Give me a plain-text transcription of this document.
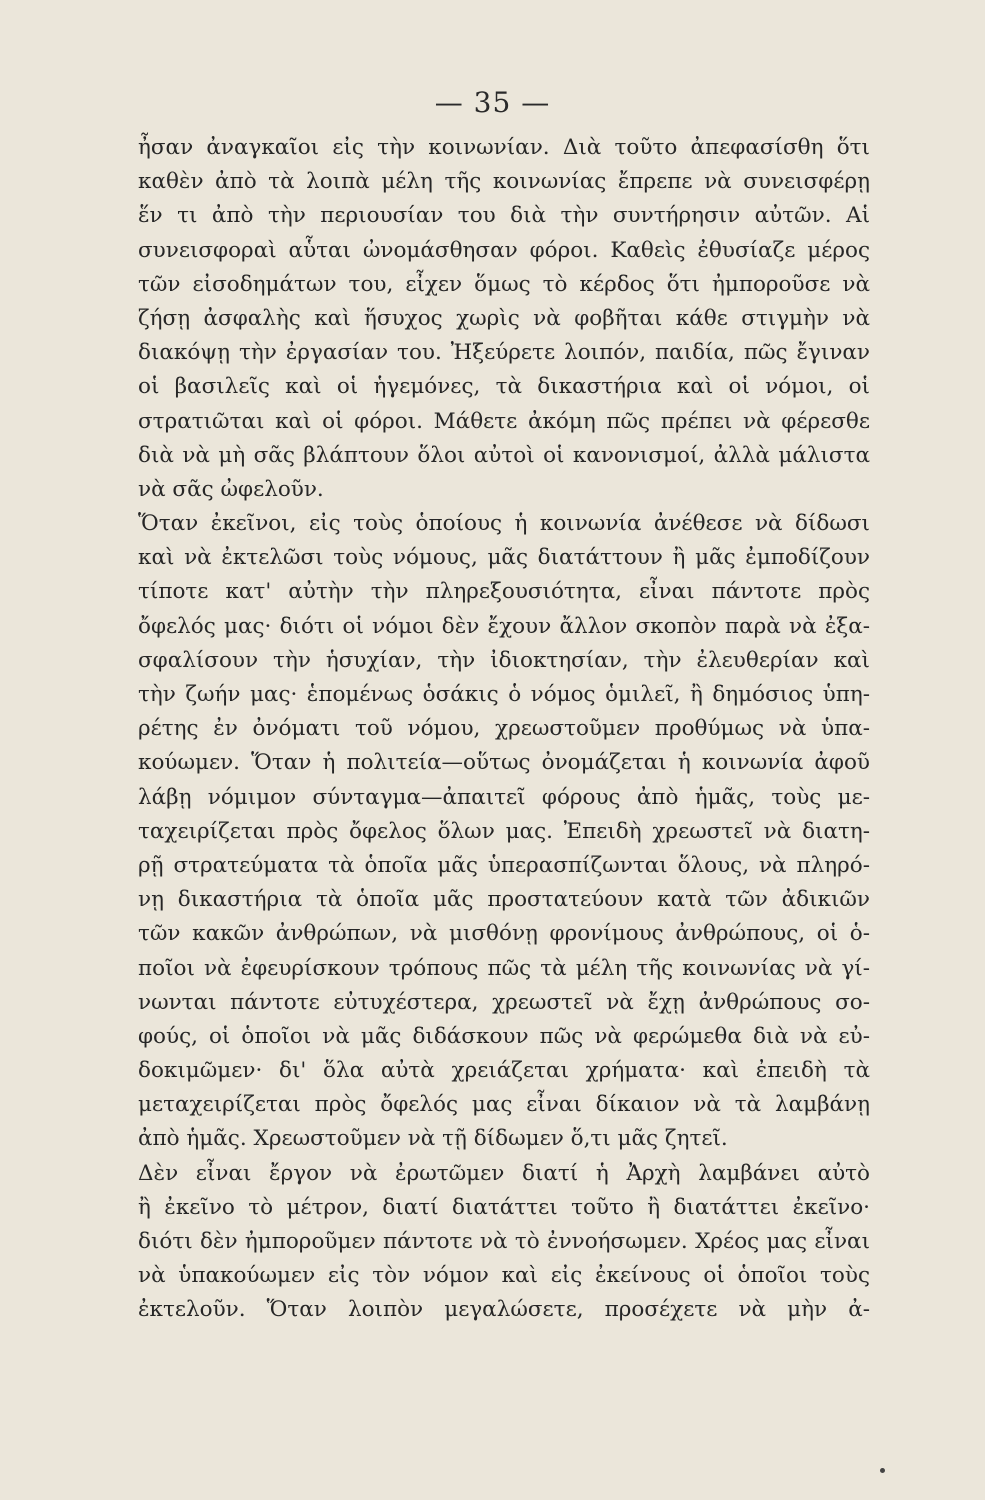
— 35 —
ἦσαν ἀναγκαῖοι εἰς τὴν κοινωνίαν. Διὰ τοῦτο ἀπεφασίσθη ὅτι
καθὲν ἀπὸ τὰ λοιπὰ μέλη τῆς κοινωνίας ἔπρεπε νὰ συνεισφέρῃ
ἕν τι ἀπὸ τὴν περιουσίαν του διὰ τὴν συντήρησιν αὐτῶν. Αἱ
συνεισφοραὶ αὗται ὠνομάσθησαν φόροι. Καθεὶς ἐθυσίαζε μέρος
τῶν εἰσοδημάτων του, εἶχεν ὅμως τὸ κέρδος ὅτι ἠμποροῦσε νὰ
ζήσῃ ἀσφαλὴς καὶ ἥσυχος χωρὶς νὰ φοβῆται κάθε στιγμὴν νὰ
διακόψῃ τὴν ἐργασίαν του. Ἠξεύρετε λοιπόν, παιδία, πῶς ἔγιναν
οἱ βασιλεῖς καὶ οἱ ἡγεμόνες, τὰ δικαστήρια καὶ οἱ νόμοι, οἱ
στρατιῶται καὶ οἱ φόροι. Μάθετε ἀκόμη πῶς πρέπει νὰ φέρεσθε
διὰ νὰ μὴ σᾶς βλάπτουν ὅλοι αὐτοὶ οἱ κανονισμοί, ἀλλὰ μάλιστα
νὰ σᾶς ὠφελοῦν.
Ὅταν ἐκεῖνοι, εἰς τοὺς ὁποίους ἡ κοινωνία ἀνέθεσε νὰ δίδωσι
καὶ νὰ ἐκτελῶσι τοὺς νόμους, μᾶς διατάττουν ἢ μᾶς ἐμποδίζουν
τίποτε κατ' αὐτὴν τὴν πληρεξουσιότητα, εἶναι πάντοτε πρὸς
ὄφελός μας· διότι οἱ νόμοι δὲν ἔχουν ἄλλον σκοπὸν παρὰ νὰ ἐξα-
σφαλίσουν τὴν ἡσυχίαν, τὴν ἰδιοκτησίαν, τὴν ἐλευθερίαν καὶ
τὴν ζωήν μας· ἑπομένως ὁσάκις ὁ νόμος ὁμιλεῖ, ἢ δημόσιος ὑπη-
ρέτης ἐν ὀνόματι τοῦ νόμου, χρεωστοῦμεν προθύμως νὰ ὑπα-
κούωμεν. Ὅταν ἡ πολιτεία—οὕτως ὀνομάζεται ἡ κοινωνία ἀφοῦ
λάβῃ νόμιμον σύνταγμα—ἀπαιτεῖ φόρους ἀπὸ ἡμᾶς, τοὺς με-
ταχειρίζεται πρὸς ὄφελος ὅλων μας. Ἐπειδὴ χρεωστεῖ νὰ διατη-
ρῇ στρατεύματα τὰ ὁποῖα μᾶς ὑπερασπίζωνται ὅλους, νὰ πληρό-
νῃ δικαστήρια τὰ ὁποῖα μᾶς προστατεύουν κατὰ τῶν ἀδικιῶν
τῶν κακῶν ἀνθρώπων, νὰ μισθόνῃ φρονίμους ἀνθρώπους, οἱ ὁ-
ποῖοι νὰ ἐφευρίσκουν τρόπους πῶς τὰ μέλη τῆς κοινωνίας νὰ γί-
νωνται πάντοτε εὐτυχέστερα, χρεωστεῖ νὰ ἔχῃ ἀνθρώπους σο-
φούς, οἱ ὁποῖοι νὰ μᾶς διδάσκουν πῶς νὰ φερώμεθα διὰ νὰ εὐ-
δοκιμῶμεν· δι' ὅλα αὐτὰ χρειάζεται χρήματα· καὶ ἐπειδὴ τὰ
μεταχειρίζεται πρὸς ὄφελός μας εἶναι δίκαιον νὰ τὰ λαμβάνῃ
ἀπὸ ἡμᾶς. Χρεωστοῦμεν νὰ τῇ δίδωμεν ὅ,τι μᾶς ζητεῖ.
Δὲν εἶναι ἔργον νὰ ἐρωτῶμεν διατί ἡ Ἀρχὴ λαμβάνει αὐτὸ
ἢ ἐκεῖνο τὸ μέτρον, διατί διατάττει τοῦτο ἢ διατάττει ἐκεῖνο·
διότι δὲν ἠμποροῦμεν πάντοτε νὰ τὸ ἐννοήσωμεν. Χρέος μας εἶναι
νὰ ὑπακούωμεν εἰς τὸν νόμον καὶ εἰς ἐκείνους οἱ ὁποῖοι τοὺς
ἐκτελοῦν. Ὅταν λοιπὸν μεγαλώσετε, προσέχετε νὰ μὴν ἀ-
